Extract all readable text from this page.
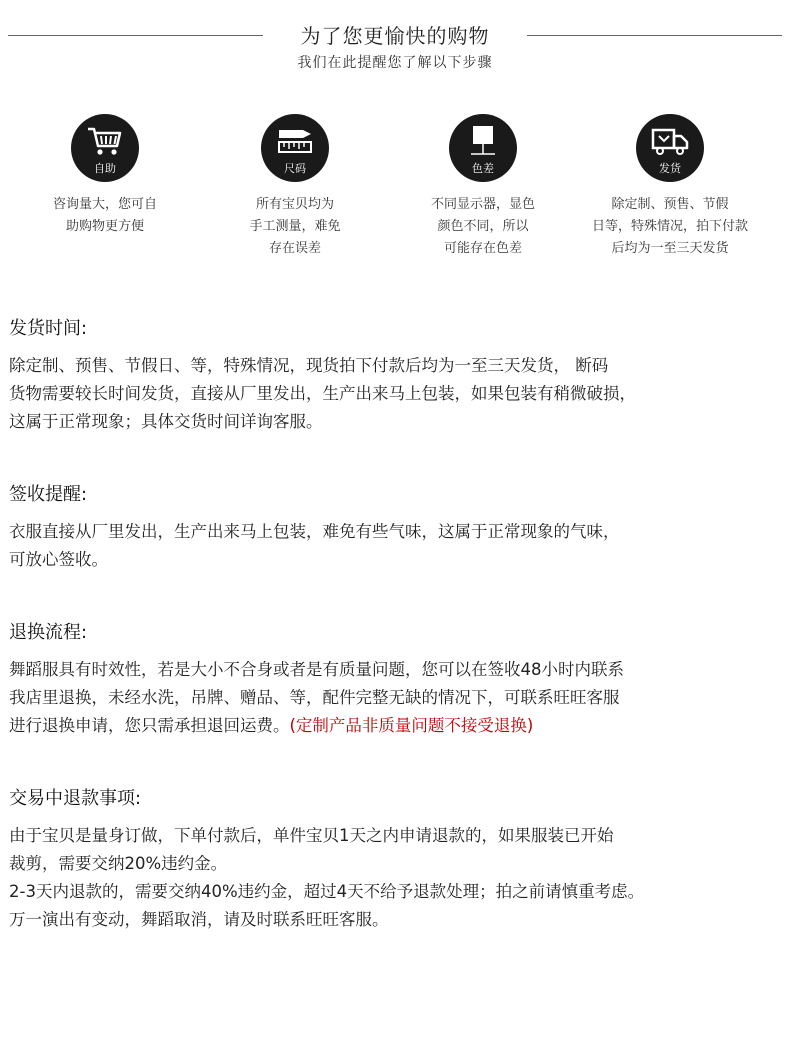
为了您更愉快的购物
我们在此提醒您了解以下步骤
自助
咨询量大，您可自
助购物更方便
尺码
所有宝贝均为
手工测量，难免
存在误差
色差
不同显示器，显色
颜色不同，所以
可能存在色差
发货
除定制、预售、节假
日等，特殊情况，拍下付款
后均为一至三天发货
发货时间:

除定制、预售、节假日、等，特殊情况，现货拍下付款后均为一至三天发货， 断码
货物需要较长时间发货，直接从厂里发出，生产出来马上包装，如果包装有稍微破损，
这属于正常现象；具体交货时间详询客服。

签收提醒:

衣服直接从厂里发出，生产出来马上包装，难免有些气味，这属于正常现象的气味，
可放心签收。

退换流程:

舞蹈服具有时效性，若是大小不合身或者是有质量问题，您可以在签收48小时内联系
我店里退换，未经水洗，吊牌、赠品、等，配件完整无缺的情况下，可联系旺旺客服
进行退换申请，您只需承担退回运费。(定制产品非质量问题不接受退换)

交易中退款事项:

由于宝贝是量身订做，下单付款后，单件宝贝1天之内申请退款的，如果服装已开始
裁剪，需要交纳20%违约金。
2-3天内退款的，需要交纳40%违约金，超过4天不给予退款处理；拍之前请慎重考虑。
万一演出有变动，舞蹈取消，请及时联系旺旺客服。
